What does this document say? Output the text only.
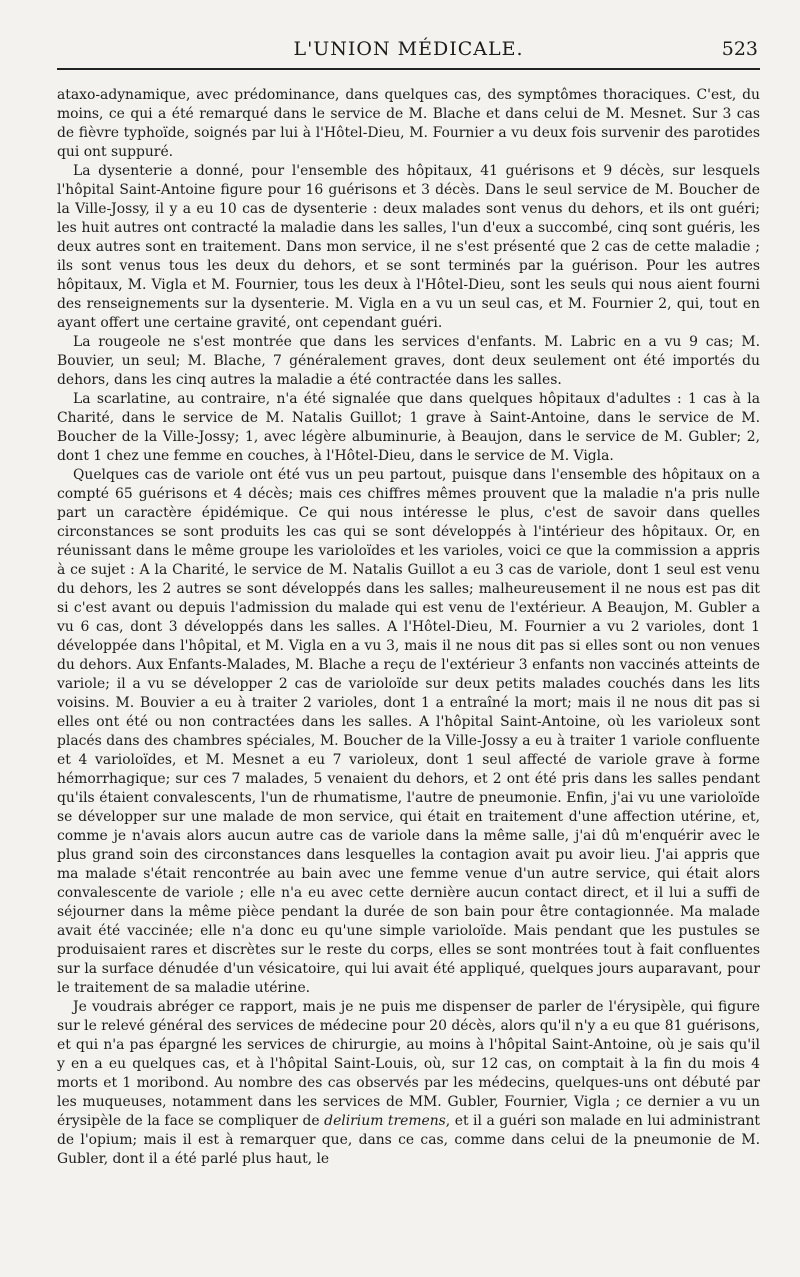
L'UNION MÉDICALE.	523

ataxo-adynamique, avec prédominance, dans quelques cas, des symptômes thoraciques. C'est, du moins, ce qui a été remarqué dans le service de M. Blache et dans celui de M. Mesnet. Sur 3 cas de fièvre typhoïde, soignés par lui à l'Hôtel-Dieu, M. Fournier a vu deux fois survenir des parotides qui ont suppuré.

La dysenterie a donné, pour l'ensemble des hôpitaux, 41 guérisons et 9 décès, sur lesquels l'hôpital Saint-Antoine figure pour 16 guérisons et 3 décès. Dans le seul service de M. Boucher de la Ville-Jossy, il y a eu 10 cas de dysenterie : deux malades sont venus du dehors, et ils ont guéri; les huit autres ont contracté la maladie dans les salles, l'un d'eux a succombé, cinq sont guéris, les deux autres sont en traitement. Dans mon service, il ne s'est présenté que 2 cas de cette maladie ; ils sont venus tous les deux du dehors, et se sont terminés par la guérison. Pour les autres hôpitaux, M. Vigla et M. Fournier, tous les deux à l'Hôtel-Dieu, sont les seuls qui nous aient fourni des renseignements sur la dysenterie. M. Vigla en a vu un seul cas, et M. Fournier 2, qui, tout en ayant offert une certaine gravité, ont cependant guéri.

La rougeole ne s'est montrée que dans les services d'enfants. M. Labric en a vu 9 cas; M. Bouvier, un seul; M. Blache, 7 généralement graves, dont deux seulement ont été importés du dehors, dans les cinq autres la maladie a été contractée dans les salles.

La scarlatine, au contraire, n'a été signalée que dans quelques hôpitaux d'adultes : 1 cas à la Charité, dans le service de M. Natalis Guillot; 1 grave à Saint-Antoine, dans le service de M. Boucher de la Ville-Jossy; 1, avec légère albuminurie, à Beaujon, dans le service de M. Gubler; 2, dont 1 chez une femme en couches, à l'Hôtel-Dieu, dans le service de M. Vigla.

Quelques cas de variole ont été vus un peu partout, puisque dans l'ensemble des hôpitaux on a compté 65 guérisons et 4 décès; mais ces chiffres mêmes prouvent que la maladie n'a pris nulle part un caractère épidémique. Ce qui nous intéresse le plus, c'est de savoir dans quelles circonstances se sont produits les cas qui se sont développés à l'intérieur des hôpitaux. Or, en réunissant dans le même groupe les varioloïdes et les varioles, voici ce que la commission a appris à ce sujet : A la Charité, le service de M. Natalis Guillot a eu 3 cas de variole, dont 1 seul est venu du dehors, les 2 autres se sont développés dans les salles; malheureusement il ne nous est pas dit si c'est avant ou depuis l'admission du malade qui est venu de l'extérieur. A Beaujon, M. Gubler a vu 6 cas, dont 3 développés dans les salles. A l'Hôtel-Dieu, M. Fournier a vu 2 varioles, dont 1 développée dans l'hôpital, et M. Vigla en a vu 3, mais il ne nous dit pas si elles sont ou non venues du dehors. Aux Enfants-Malades, M. Blache a reçu de l'extérieur 3 enfants non vaccinés atteints de variole; il a vu se développer 2 cas de varioloïde sur deux petits malades couchés dans les lits voisins. M. Bouvier a eu à traiter 2 varioles, dont 1 a entraîné la mort; mais il ne nous dit pas si elles ont été ou non contractées dans les salles. A l'hôpital Saint-Antoine, où les varioleux sont placés dans des chambres spéciales, M. Boucher de la Ville-Jossy a eu à traiter 1 variole confluente et 4 varioloïdes, et M. Mesnet a eu 7 varioleux, dont 1 seul affecté de variole grave à forme hémorrhagique; sur ces 7 malades, 5 venaient du dehors, et 2 ont été pris dans les salles pendant qu'ils étaient convalescents, l'un de rhumatisme, l'autre de pneumonie. Enfin, j'ai vu une varioloïde se développer sur une malade de mon service, qui était en traitement d'une affection utérine, et, comme je n'avais alors aucun autre cas de variole dans la même salle, j'ai dû m'enquérir avec le plus grand soin des circonstances dans lesquelles la contagion avait pu avoir lieu. J'ai appris que ma malade s'était rencontrée au bain avec une femme venue d'un autre service, qui était alors convalescente de variole ; elle n'a eu avec cette dernière aucun contact direct, et il lui a suffi de séjourner dans la même pièce pendant la durée de son bain pour être contagionnée. Ma malade avait été vaccinée; elle n'a donc eu qu'une simple varioloïde. Mais pendant que les pustules se produisaient rares et discrètes sur le reste du corps, elles se sont montrées tout à fait confluentes sur la surface dénudée d'un vésicatoire, qui lui avait été appliqué, quelques jours auparavant, pour le traitement de sa maladie utérine.

Je voudrais abréger ce rapport, mais je ne puis me dispenser de parler de l'érysipèle, qui figure sur le relevé général des services de médecine pour 20 décès, alors qu'il n'y a eu que 81 guérisons, et qui n'a pas épargné les services de chirurgie, au moins à l'hôpital Saint-Antoine, où je sais qu'il y en a eu quelques cas, et à l'hôpital Saint-Louis, où, sur 12 cas, on comptait à la fin du mois 4 morts et 1 moribond. Au nombre des cas observés par les médecins, quelques-uns ont débuté par les muqueuses, notamment dans les services de MM. Gubler, Fournier, Vigla ; ce dernier a vu un érysipèle de la face se compliquer de delirium tremens, et il a guéri son malade en lui administrant de l'opium; mais il est à remarquer que, dans ce cas, comme dans celui de la pneumonie de M. Gubler, dont il a été parlé plus haut, le
